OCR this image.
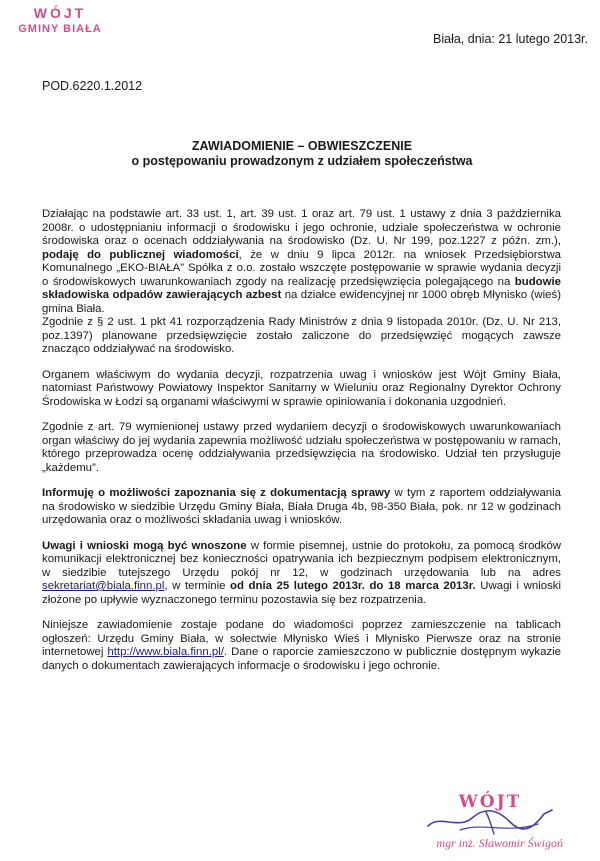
WÓJT
GMINY BIAŁA
Biała, dnia: 21 lutego 2013r.
POD.6220.1.2012
ZAWIADOMIENIE – OBWIESZCZENIE
o postępowaniu prowadzonym z udziałem społeczeństwa

Działając na podstawie art. 33 ust. 1, art. 39 ust. 1 oraz art. 79 ust. 1 ustawy z dnia 3 października 2008r. o udostępnianiu informacji o środowisku i jego ochronie, udziale społeczeństwa w ochronie środowiska oraz o ocenach oddziaływania na środowisko (Dz. U. Nr 199, poz.1227 z późn. zm.), podaję do publicznej wiadomości, że w dniu 9 lipca 2012r. na wniosek Przedsiębiorstwa Komunalnego „EKO-BIAŁA” Spółka z o.o. zostało wszczęte postępowanie w sprawie wydania decyzji o środowiskowych uwarunkowaniach zgody na realizację przedsięwzięcia polegającego na budowie składowiska odpadów zawierających azbest na działce ewidencyjnej nr 1000 obręb Młynisko (wieś) gmina Biała.

Zgodnie z § 2 ust. 1 pkt 41 rozporządzenia Rady Ministrów z dnia 9 listopada 2010r. (Dz. U. Nr 213, poz.1397) planowane przedsięwzięcie zostało zaliczone do przedsięwzięć mogących zawsze znacząco oddziaływać na środowisko.

Organem właściwym do wydania decyzji, rozpatrzenia uwag i wniosków jest Wójt Gminy Biała, natomiast Państwowy Powiatowy Inspektor Sanitarny w Wieluniu oraz Regionalny Dyrektor Ochrony Środowiska w Łodzi są organami właściwymi w sprawie opiniowania i dokonania uzgodnień.

Zgodnie z art. 79 wymienionej ustawy przed wydaniem decyzji o środowiskowych uwarunkowaniach organ właściwy do jej wydania zapewnia możliwość udziału społeczeństwa w postępowaniu w ramach, którego przeprowadza ocenę oddziaływania przedsięwzięcia na środowisko. Udział ten przysługuje „każdemu”.

Informuję o możliwości zapoznania się z dokumentacją sprawy w tym z raportem oddziaływania na środowisko w siedzibie Urzędu Gminy Biała, Biała Druga 4b, 98-350 Biała, pok. nr 12 w godzinach urzędowania oraz o możliwości składania uwag i wniosków.

Uwagi i wnioski mogą być wnoszone w formie pisemnej, ustnie do protokołu, za pomocą środków komunikacji elektronicznej bez konieczności opatrywania ich bezpiecznym podpisem elektronicznym, w siedzibie tutejszego Urzędu pokój nr 12, w godzinach urzędowania lub na adres sekretariat@biala.finn.pl, w terminie od dnia 25 lutego 2013r. do 18 marca 2013r. Uwagi i wnioski złożone po upływie wyznaczonego terminu pozostawia się bez rozpatrzenia.

Niniejsze zawiadomienie zostaje podane do wiadomości poprzez zamieszczenie na tablicach ogłoszeń: Urzędu Gminy Biała, w sołectwie Młynisko Wieś i Młynisko Pierwsze oraz na stronie internetowej http://www.biala.finn.pl/. Dane o raporcie zamieszczono w publicznie dostępnym wykazie danych o dokumentach zawierających informacje o środowisku i jego ochronie.

WÓJT
mgr inż. Sławomir Świgoń
